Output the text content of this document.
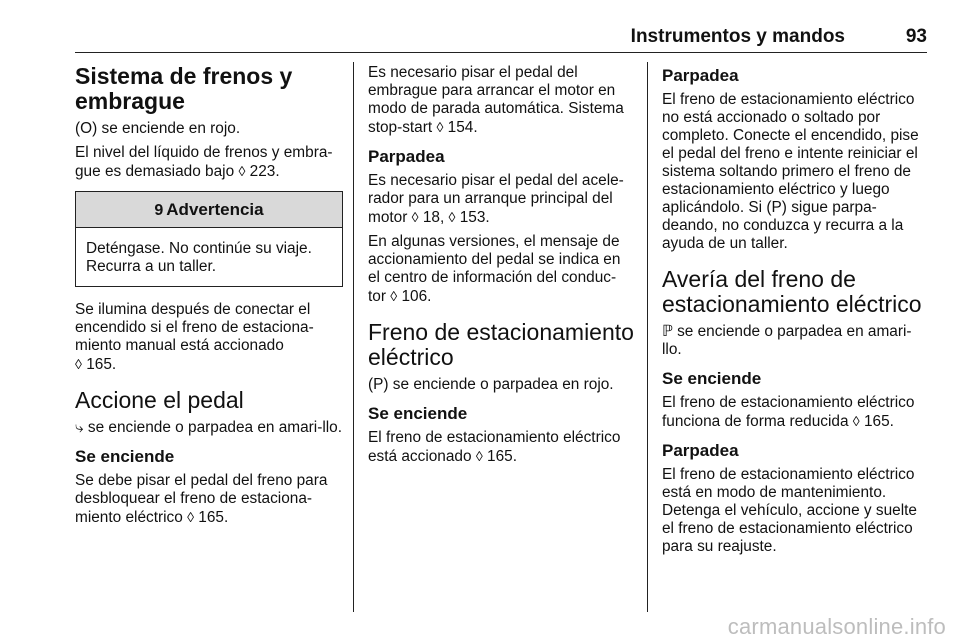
Instrumentos y mandos	93
Sistema de frenos y embrague

(O) se enciende en rojo.

El nivel del líquido de frenos y embra-gue es demasiado bajo ◊ 223.

9 Advertencia
Deténgase. No continúe su viaje. Recurra a un taller.

Se ilumina después de conectar el encendido si el freno de estaciona-miento manual está accionado
◊ 165.

Accione el pedal

⤷ se enciende o parpadea en amari-llo.

Se enciende

Se debe pisar el pedal del freno para desbloquear el freno de estaciona-miento eléctrico ◊ 165.

Es necesario pisar el pedal del embrague para arrancar el motor en modo de parada automática. Sistema stop-start ◊ 154.

Parpadea

Es necesario pisar el pedal del acele-rador para un arranque principal del motor ◊ 18, ◊ 153.

En algunas versiones, el mensaje de accionamiento del pedal se indica en el centro de información del conduc-tor ◊ 106.

Freno de estacionamiento eléctrico

(P) se enciende o parpadea en rojo.

Se enciende

El freno de estacionamiento eléctrico está accionado ◊ 165.

Parpadea

El freno de estacionamiento eléctrico no está accionado o soltado por completo. Conecte el encendido, pise el pedal del freno e intente reiniciar el sistema soltando primero el freno de estacionamiento eléctrico y luego aplicándolo. Si (P) sigue parpa-deando, no conduzca y recurra a la ayuda de un taller.

Avería del freno de estacionamiento eléctrico

ℙ se enciende o parpadea en amari-llo.

Se enciende

El freno de estacionamiento eléctrico funciona de forma reducida ◊ 165.

Parpadea

El freno de estacionamiento eléctrico está en modo de mantenimiento. Detenga el vehículo, accione y suelte el freno de estacionamiento eléctrico para su reajuste.

carmanualsonline.info
